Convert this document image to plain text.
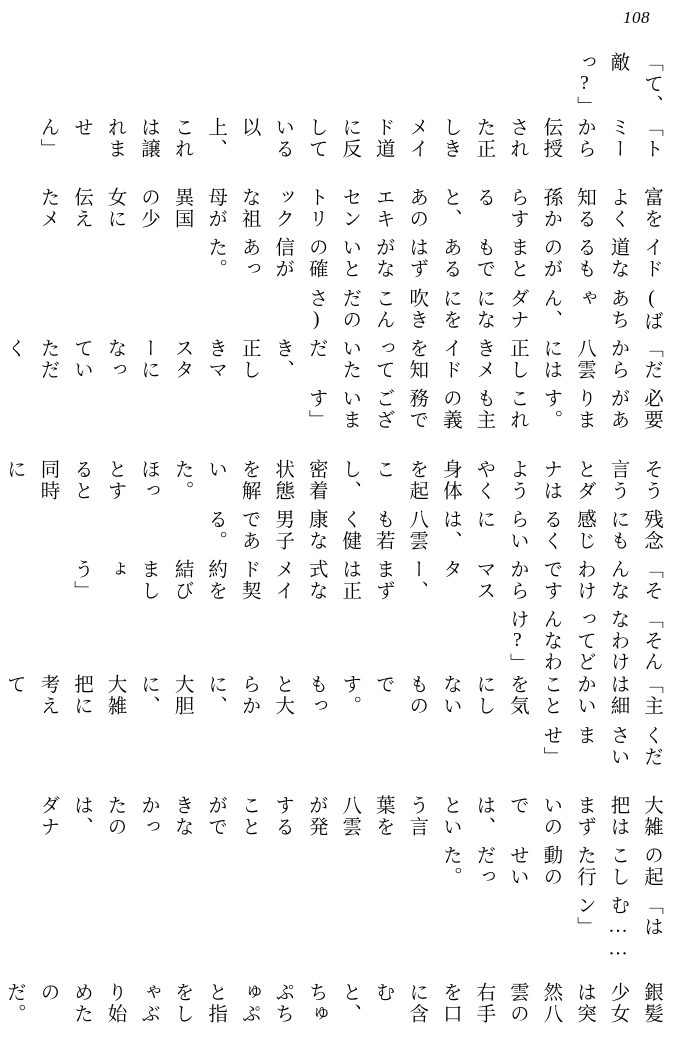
108
「て、敵っ?」
「トミーから伝授された正しきメイド道に反している以上、これは譲れません」
富をよく知る孫からすると、あのエキセントリックな祖母が異国の少女に伝えたメ
イド道なるものがまともであるはずがないとの確信があった。
(ばあちゃん、ダナになにを吹きこんだのさ)
「だから八雲には正しきメイドを知っていただき、正しきマスターになっていただく
必要があります。これも主の義務でございます」
そう言うとダナはようやく身体を起こし、密着状態を解いた。ほっとすると同時に
残念にも感じるくらいには、八雲も若く健康な男子である。
「そんなわけですからマスター、まずは正式なメイド契約を結びましょう」
「そんなわけってどんなわけ?」
「主は細かいことを気にしないものです。もっと大らかに、大胆に、大雑把に考えて
くださいませ」
大雑把はまずいのでは、という言葉を八雲が発することができなかったのは、ダナ
の起こした行動のせいだった。
「はむ……ン」
銀髪少女は突然八雲の右手を口に含むと、ちゅぷちゅぷと指をしゃぶり始めたのだ。
